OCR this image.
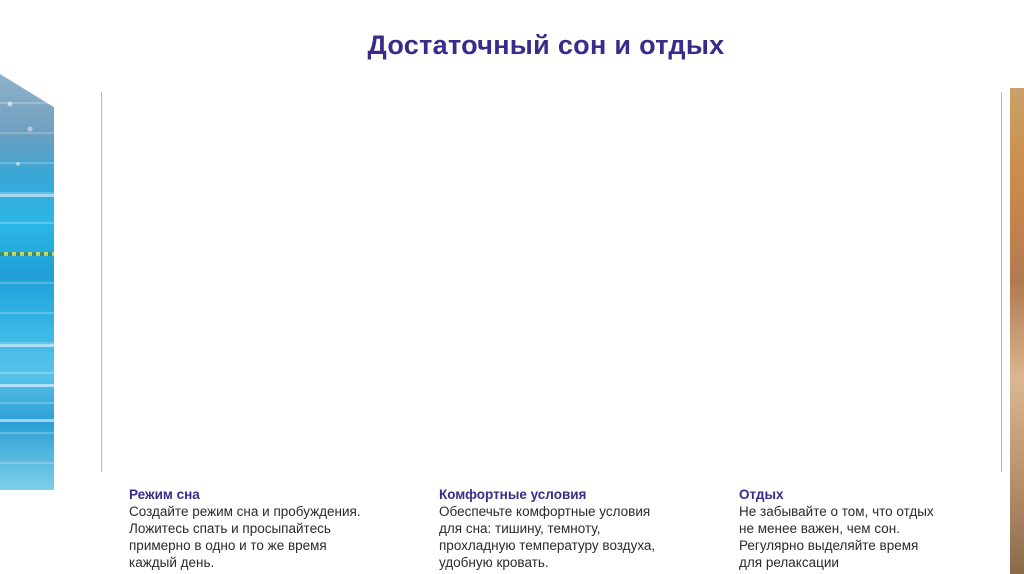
Достаточный сон и отдых
Режим сна
Создайте режим сна и пробуждения.
Ложитесь спать и просыпайтесь
примерно в одно и то же время
каждый день.
Комфортные условия
Обеспечьте комфортные условия
для сна: тишину, темноту,
прохладную температуру воздуха,
удобную кровать.
Отдых
Не забывайте о том, что отдых
не менее важен, чем сон.
Регулярно выделяйте время
для релаксации
